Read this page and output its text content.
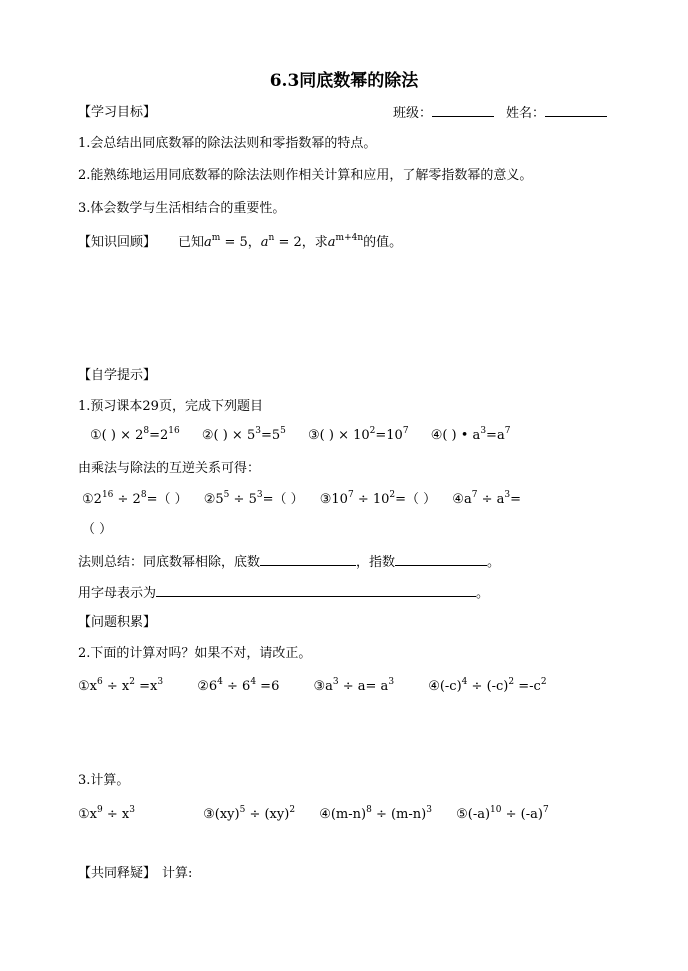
6.3同底数幂的除法
【学习目标】	班级：	姓名：
1.会总结出同底数幂的除法法则和零指数幂的特点。
2.能熟练地运用同底数幂的除法法则作相关计算和应用，了解零指数幂的意义。
3.体会数学与生活相结合的重要性。
【知识回顾】 已知$a^m = 5$，$a^n = 2$，求$a^{m+4n}$的值。
【自学提示】
1.预习课本29页，完成下列题目
①( ) × $2^8=2^{16}$ ②( ) × $5^3=5^5$ ③( ) × $10^2=10^7$ ④( ) • $a^3=a^7$
由乘法与除法的互逆关系可得：
$①2^{16} \div 2^8=$（ ） $②5^5 \div 5^3=$（ ） $③10^7 \div 10^2=$（ ） $④a^7 \div a^3=$
（ ）
法则总结：同底数幂相除，底数	，指数	。
用字母表示为	。
【问题积累】
2.下面的计算对吗？如果不对，请改正。
$①x^6 \div x^2 =x^3$	$②6^4 \div 6^4 =6$	$③a^3 \div a= a^3$	$④(-c)^4 \div (-c)^2 =-c^2$
3.计算。
$①x^9 \div x^3$	③(xy)$^5$ ÷ (xy)$^2$ $④(m-n)^8 \div (m-n)^3$ $⑤(-a)^{10} \div (-a)^7$
【共同释疑】 计算:
